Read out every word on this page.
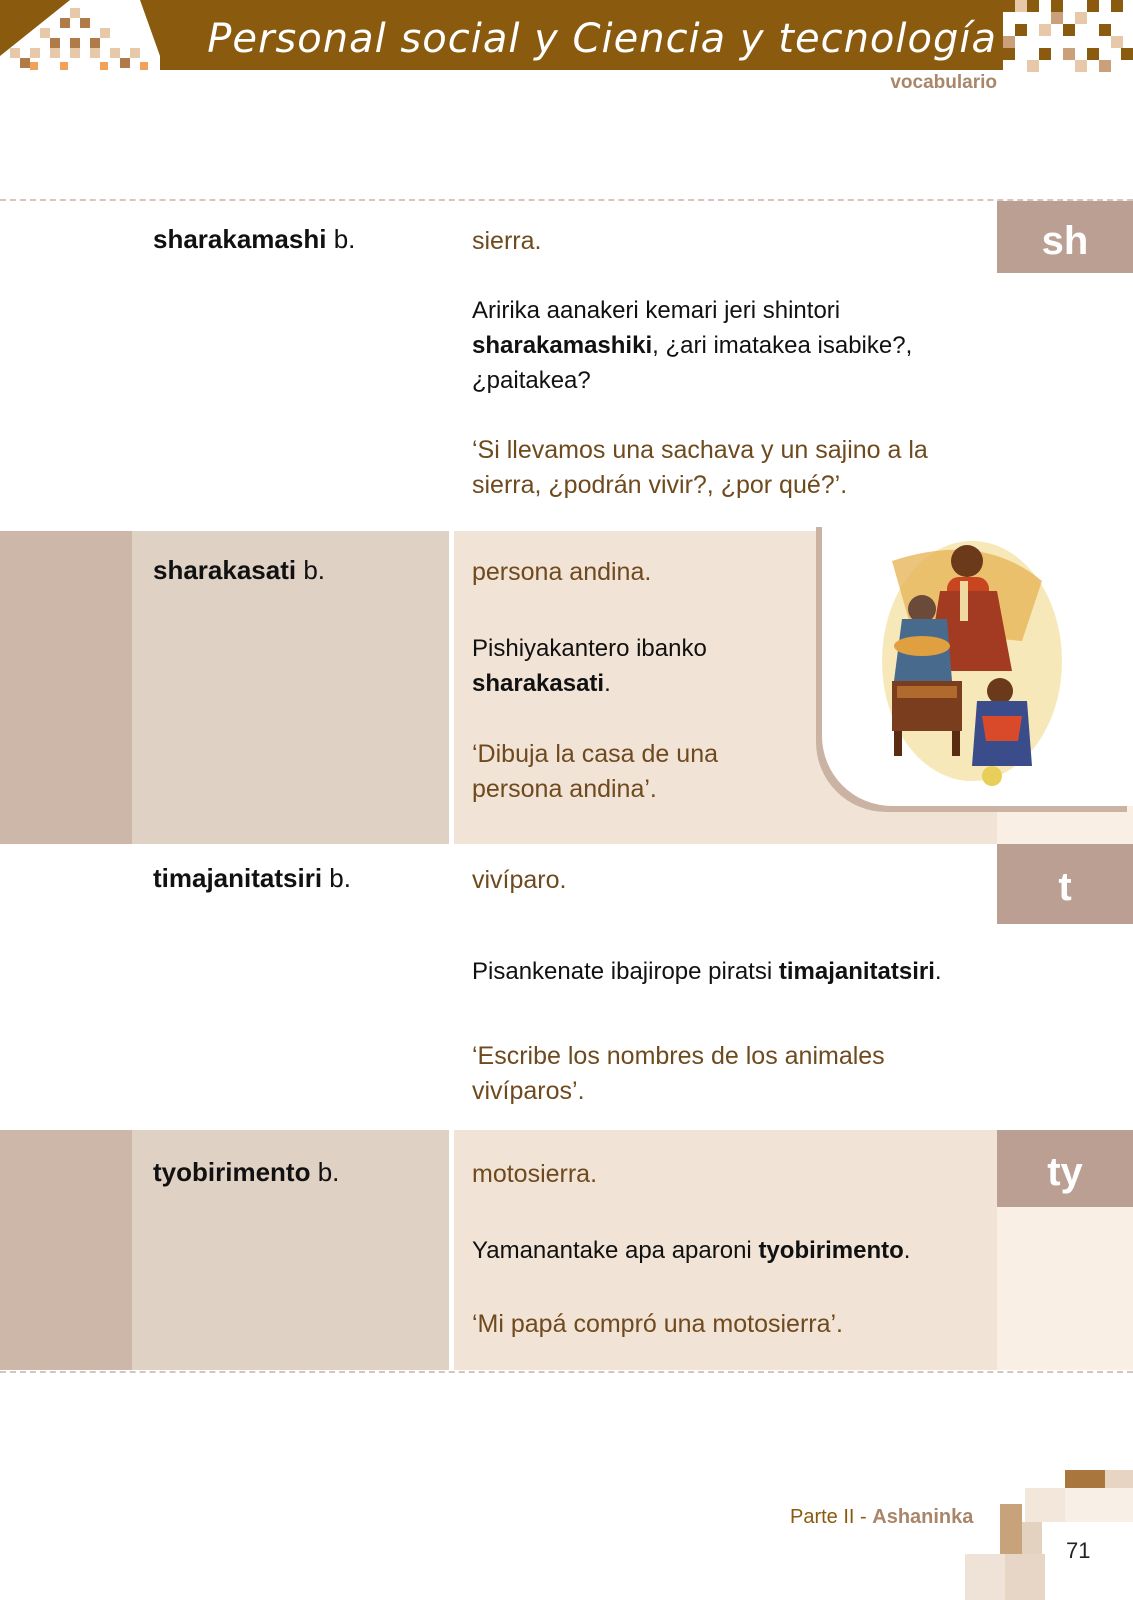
Personal social y Ciencia y tecnología
vocabulario
sh
sharakamashi b.	sierra.
Aririka aanakeri kemari jeri shintori sharakamashiki, ¿ari imatakea isabike?, ¿paitakea?
‘Si llevamos una sachava y un sajino a la sierra, ¿podrán vivir?, ¿por qué?’.
sharakasati b.	persona andina.
Pishiyakantero ibanko sharakasati.
‘Dibuja la casa de una persona andina’.
t
timajanitatsiri b.	vivíparo.
Pisankenate ibajirope piratsi timajanitatsiri.
‘Escribe los nombres de los animales vivíparos’.
ty
tyobirimento b.	motosierra.
Yamanantake apa aparoni tyobirimento.
‘Mi papá compró una motosierra’.
Parte II - Ashaninka
71
